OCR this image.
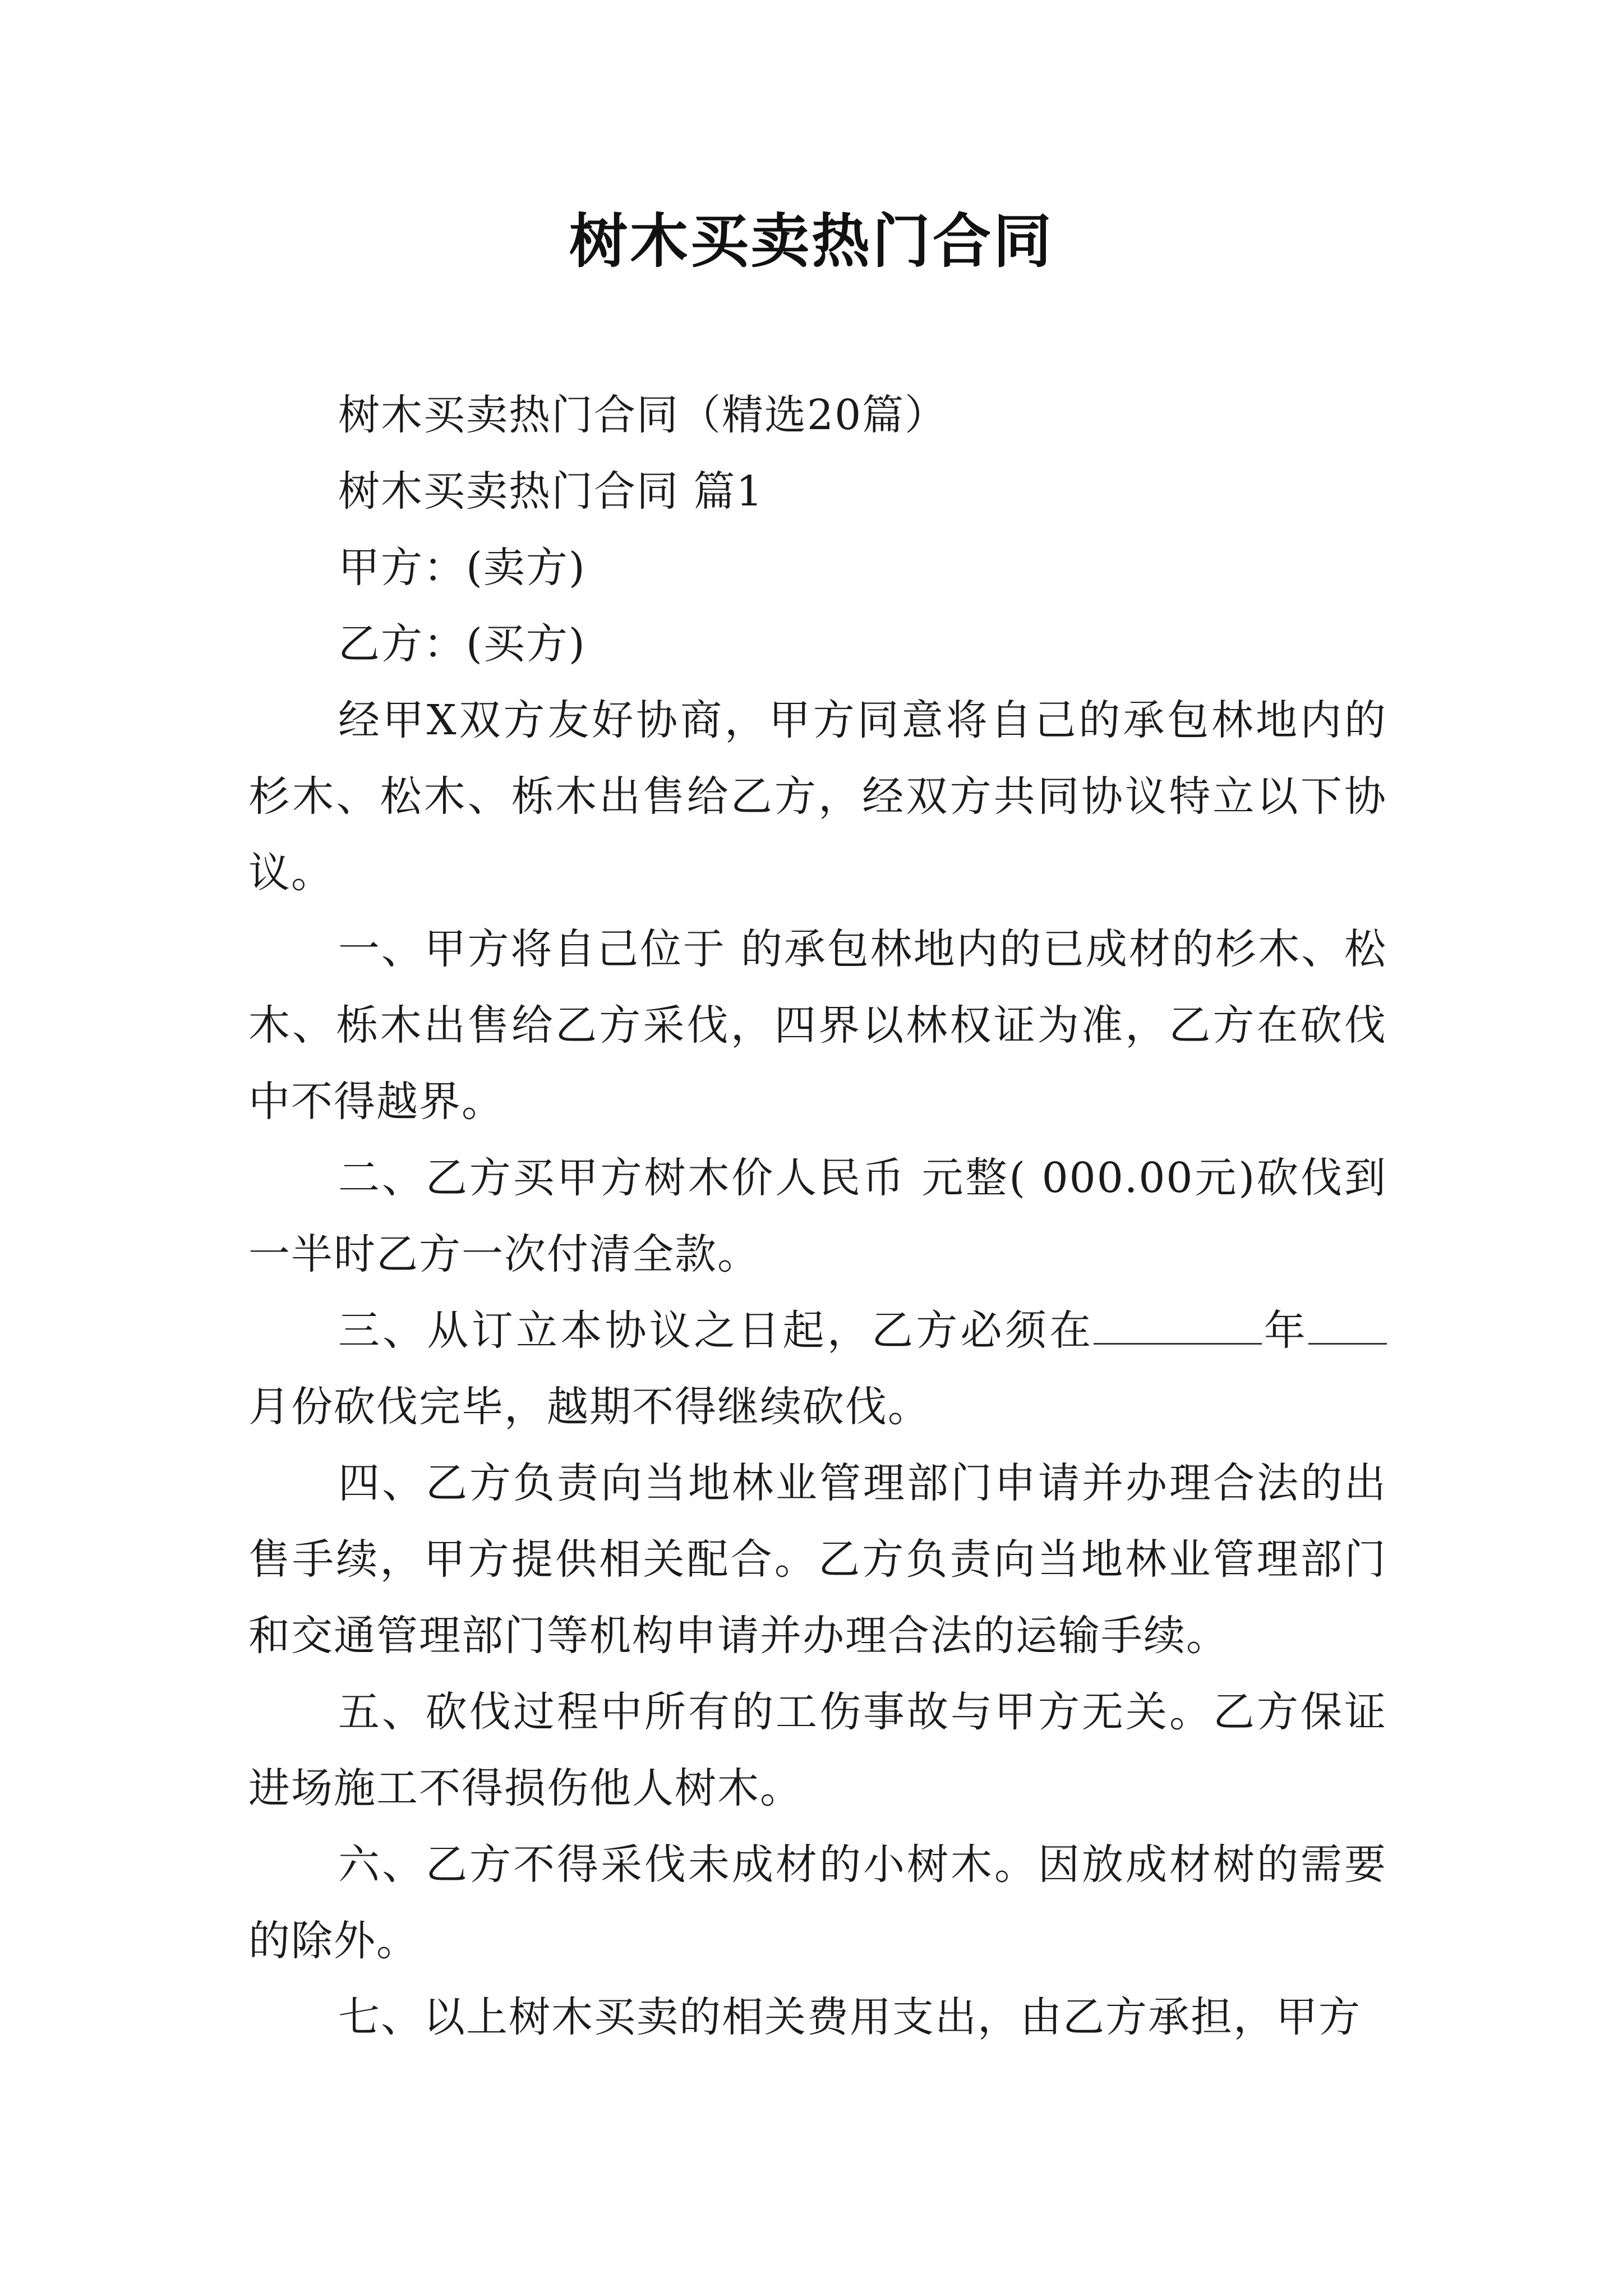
树木买卖热门合同

树木买卖热门合同（精选20篇）

树木买卖热门合同 篇1

甲方：(卖方)

乙方：(买方)

经甲X双方友好协商，甲方同意将自己的承包林地内的杉木、松木、栎木出售给乙方，经双方共同协议特立以下协议。

一、甲方将自己位于 的承包林地内的已成材的杉木、松木、栎木出售给乙方采伐，四界以林权证为准，乙方在砍伐中不得越界。

二、乙方买甲方树木价人民币 元整( 000.00元)砍伐到一半时乙方一次付清全款。

三、从订立本协议之日起，乙方必须在	年月份砍伐完毕，越期不得继续砍伐。

四、乙方负责向当地林业管理部门申请并办理合法的出售手续，甲方提供相关配合。乙方负责向当地林业管理部门和交通管理部门等机构申请并办理合法的运输手续。

五、砍伐过程中所有的工伤事故与甲方无关。乙方保证进场施工不得损伤他人树木。

六、乙方不得采伐未成材的小树木。因放成材树的需要的除外。

七、以上树木买卖的相关费用支出，由乙方承担，甲方
